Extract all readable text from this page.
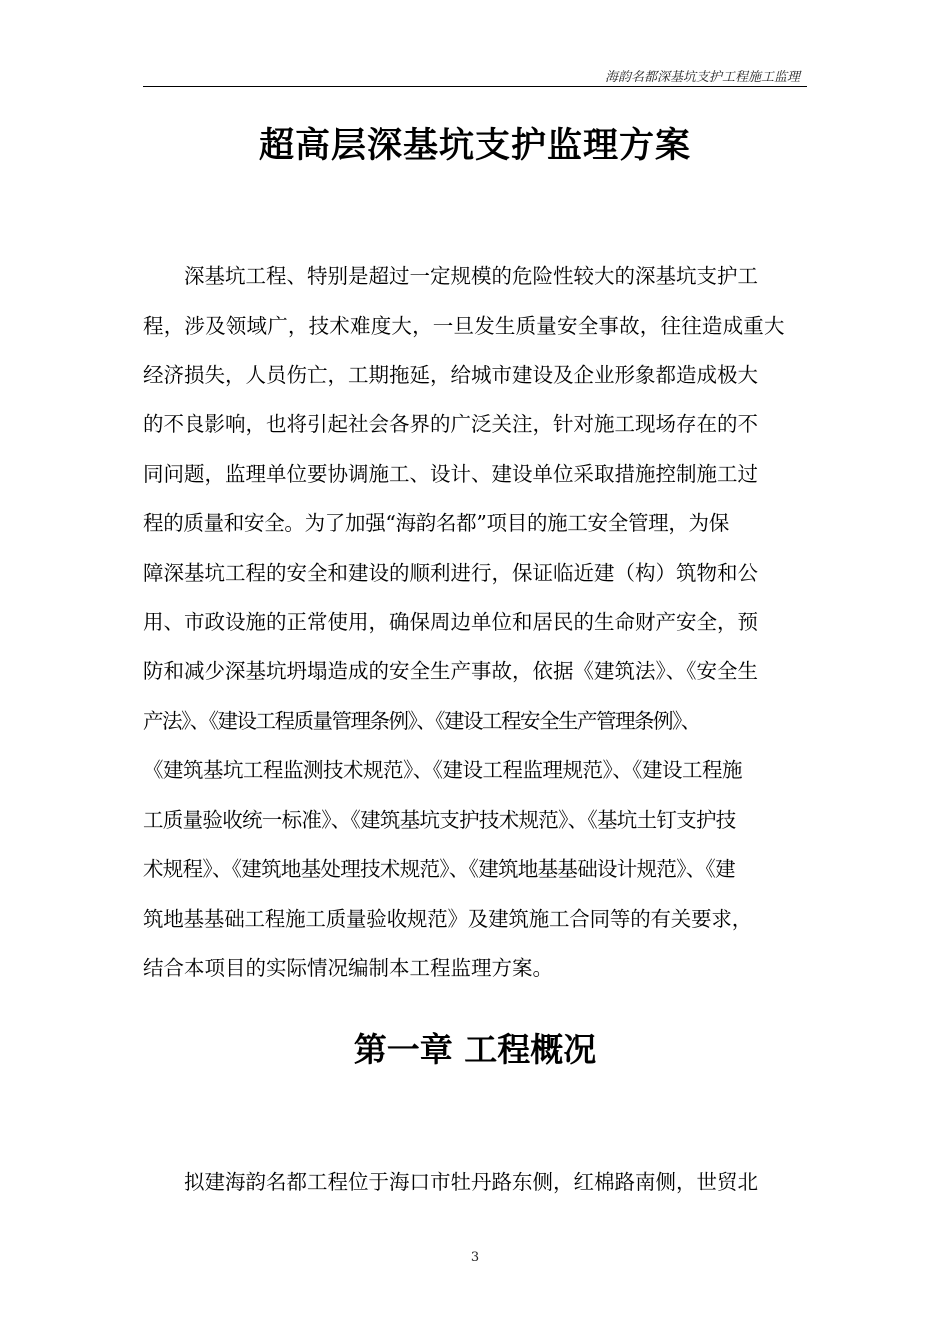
海韵名都深基坑支护工程施工监理
超高层深基坑支护监理方案
深基坑工程、特别是超过一定规模的危险性较大的深基坑支护工
程，涉及领域广，技术难度大，一旦发生质量安全事故，往往造成重大
经济损失，人员伤亡，工期拖延，给城市建设及企业形象都造成极大
的不良影响，也将引起社会各界的广泛关注，针对施工现场存在的不
同问题，监理单位要协调施工、设计、建设单位采取措施控制施工过
程的质量和安全。为了加强“海韵名都”项目的施工安全管理，为保
障深基坑工程的安全和建设的顺利进行，保证临近建（构）筑物和公
用、市政设施的正常使用，确保周边单位和居民的生命财产安全，预
防和减少深基坑坍塌造成的安全生产事故，依据《建筑法》、《安全生
产法》、《建设工程质量管理条例》、《建设工程安全生产管理条例》、
《建筑基坑工程监测技术规范》、《建设工程监理规范》、《建设工程施
工质量验收统一标准》、《建筑基坑支护技术规范》、《基坑土钉支护技
术规程》、《建筑地基处理技术规范》、《建筑地基基础设计规范》、《建
筑地基基础工程施工质量验收规范》及建筑施工合同等的有关要求，
结合本项目的实际情况编制本工程监理方案。
第一章 工程概况
拟建海韵名都工程位于海口市牡丹路东侧，红棉路南侧，世贸北
3
